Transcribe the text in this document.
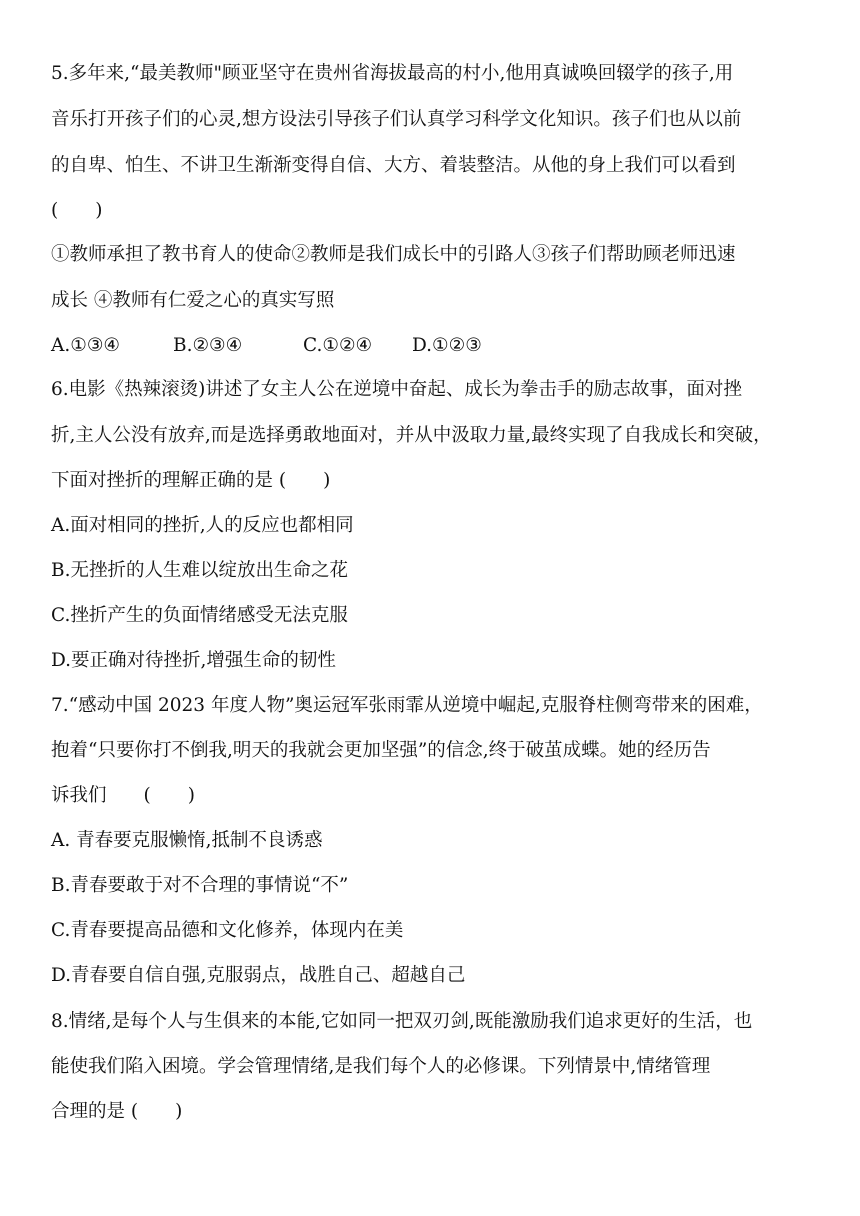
5.多年来,“最美教师"顾亚坚守在贵州省海拔最高的村小,他用真诚唤回辍学的孩子,用
音乐打开孩子们的心灵,想方设法引导孩子们认真学习科学文化知识。孩子们也从以前
的自卑、怕生、不讲卫生渐渐变得自信、大方、着装整洁。从他的身上我们可以看到
(　　)
①教师承担了教书育人的使命②教师是我们成长中的引路人③孩子们帮助顾老师迅速
成长 ④教师有仁爱之心的真实写照
A.①③④	B.②③④	C.①②④ D.①②③
6.电影《热辣滚烫)讲述了女主人公在逆境中奋起、成长为拳击手的励志故事，面对挫
折,主人公没有放弃,而是选择勇敢地面对，并从中汲取力量,最终实现了自我成长和突破，
下面对挫折的理解正确的是 (　　)
A.面对相同的挫折,人的反应也都相同
B.无挫折的人生难以绽放出生命之花
C.挫折产生的负面情绪感受无法克服
D.要正确对待挫折,增强生命的韧性
7.“感动中国 2023 年度人物”奥运冠军张雨霏从逆境中崛起,克服脊柱侧弯带来的困难，
抱着“只要你打不倒我,明天的我就会更加坚强”的信念,终于破茧成蝶。她的经历告
诉我们　　(　　)
A. 青春要克服懒惰,抵制不良诱惑
B.青春要敢于对不合理的事情说“不”
C.青春要提高品德和文化修养，体现内在美
D.青春要自信自强,克服弱点，战胜自己、超越自己
8.情绪,是每个人与生俱来的本能,它如同一把双刃剑,既能激励我们追求更好的生活，也
能使我们陷入困境。学会管理情绪,是我们每个人的必修课。下列情景中,情绪管理
合理的是 (　　)
